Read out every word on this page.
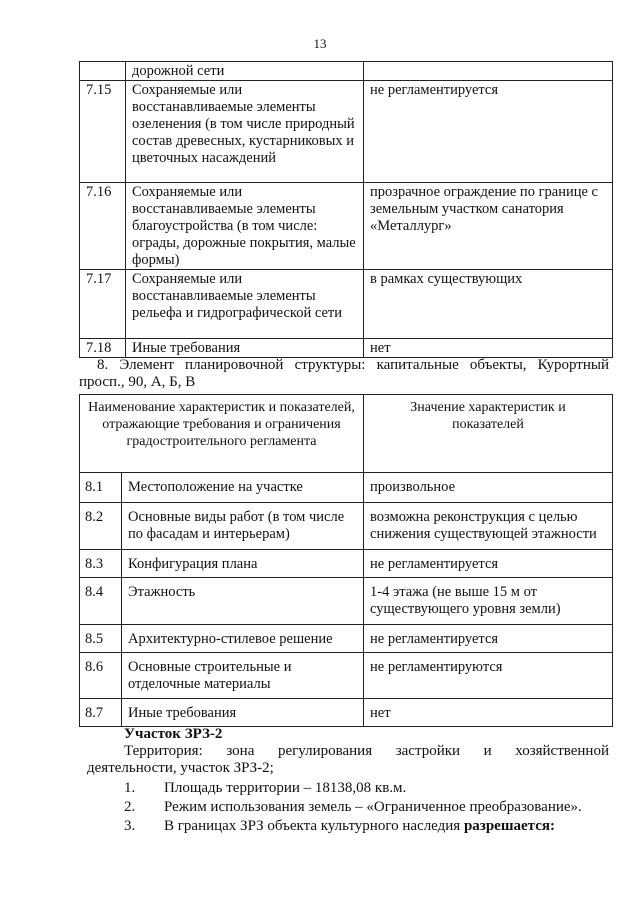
13
	дорожной сети	
7.15	Сохраняемые или восстанавливаемые элементы озеленения (в том числе природный состав древесных, кустарниковых и цветочных насаждений	не регламентируется
7.16	Сохраняемые или восстанавливаемые элементы благоустройства (в том числе: ограды, дорожные покрытия, малые формы)	прозрачное ограждение по границе с земельным участком санатория «Металлург»
7.17	Сохраняемые или восстанавливаемые элементы рельефа и гидрографической сети	в рамках существующих
7.18	Иные требования	нет
8. Элемент планировочной структуры: капитальные объекты, Курортный
просп., 90, А, Б, В
Наименование характеристик и показателей, отражающие требования и ограничения градостроительного регламента		Значение характеристик и показателей
8.1	Местоположение на участке	произвольное
8.2	Основные виды работ (в том числе по фасадам и интерьерам)	возможна реконструкция с целью снижения существующей этажности
8.3	Конфигурация плана	не регламентируется
8.4	Этажность	1-4 этажа (не выше 15 м от существующего уровня земли)
8.5	Архитектурно-стилевое решение	не регламентируется
8.6	Основные строительные и отделочные материалы	не регламентируются
8.7	Иные требования	нет
Участок ЗРЗ-2
Территория: зона регулирования застройки и хозяйственной
деятельности, участок ЗРЗ-2;
1. Площадь территории – 18138,08 кв.м.
2. Режим использования земель – «Ограниченное преобразование».
3. В границах ЗРЗ объекта культурного наследия разрешается:
